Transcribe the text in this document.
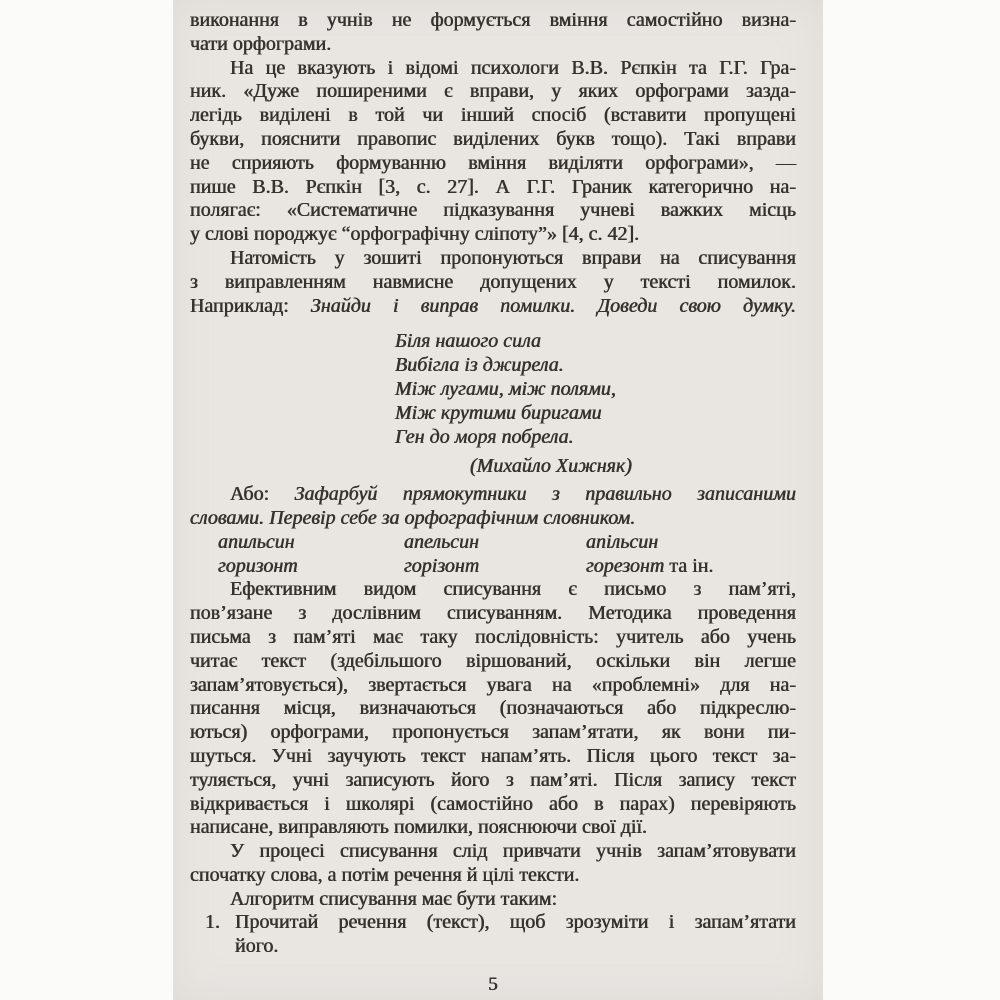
виконання в учнів не формується вміння самостійно визна-
чати орфограми.
На це вказують і відомі психологи В.В. Рєпкін та Г.Г. Гра-
ник. «Дуже поширеними є вправи, у яких орфограми зазда-
легідь виділені в той чи інший спосіб (вставити пропущені
букви, пояснити правопис виділених букв тощо). Такі вправи
не сприяють формуванню вміння виділяти орфограми», —
пише В.В. Рєпкін [3, с. 27]. А Г.Г. Граник категорично на-
полягає: «Систематичне підказування учневі важких місць
у слові породжує “орфографічну сліпоту”» [4, с. 42].
Натомість у зошиті пропонуються вправи на списування
з виправленням навмисне допущених у тексті помилок.
Наприклад: Знайди і виправ помилки. Доведи свою думку.
Біля нашого сила
Вибігла із джирела.
Між лугами, між полями,
Між крутими биригами
Ген до моря побрела.
(Михайло Хижняк)
Або: Зафарбуй прямокутники з правильно записаними
словами. Перевір себе за орфографічним словником.
апильсин	апельсин	апільсин
горизонт	горізонт	горезонт та ін.
Ефективним видом списування є письмо з пам’яті,
пов’язане з дослівним списуванням. Методика проведення
письма з пам’яті має таку послідовність: учитель або учень
читає текст (здебільшого віршований, оскільки він легше
запам’ятовується), звертається увага на «проблемні» для на-
писання місця, визначаються (позначаються або підкреслю-
ються) орфограми, пропонується запам’ятати, як вони пи-
шуться. Учні заучують текст напам’ять. Після цього текст за-
туляється, учні записують його з пам’яті. Після запису текст
відкривається і школярі (самостійно або в парах) перевіряють
написане, виправляють помилки, пояснюючи свої дії.
У процесі списування слід привчати учнів запам’ятовувати
спочатку слова, а потім речення й цілі тексти.
Алгоритм списування має бути таким:
1. Прочитай речення (текст), щоб зрозуміти і запам’ятати
його.
5
